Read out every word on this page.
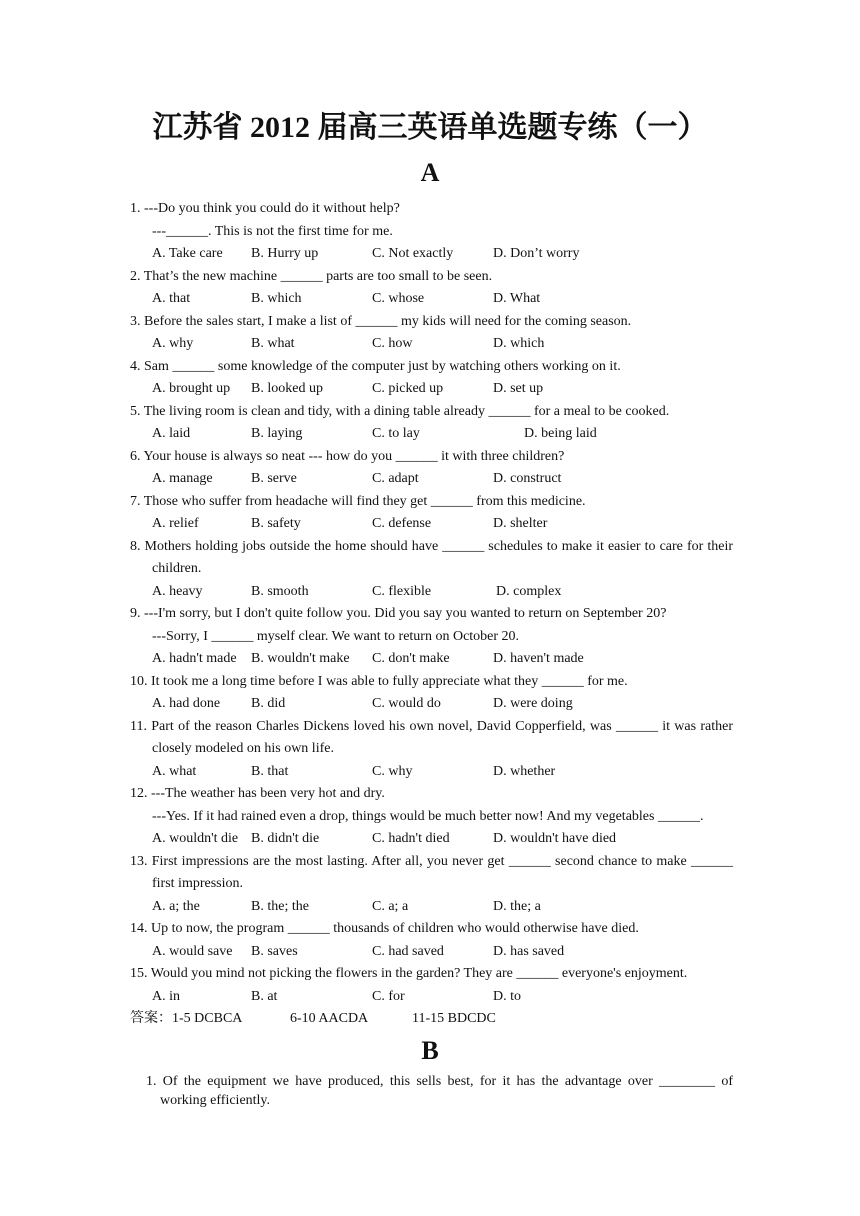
江苏省 2012 届高三英语单选题专练（一）
A
1. ---Do you think you could do it without help?
---______. This is not the first time for me.
A. Take care B. Hurry up	C. Not exactly	D. Don’t worry
2. That’s the new machine ______ parts are too small to be seen.
A. that	B. which	C. whose	D. What
3. Before the sales start, I make a list of ______ my kids will need for the coming season.
A. why	B. what	C. how	D. which
4. Sam ______ some knowledge of the computer just by watching others working on it.
A. brought up B. looked up	C. picked up	D. set up
5. The living room is clean and tidy, with a dining table already ______ for a meal to be cooked.
A. laid	B. laying	C. to lay	D. being laid
6. Your house is always so neat --- how do you ______ it with three children?
A. manage	B. serve	C. adapt	D. construct
7. Those who suffer from headache will find they get ______ from this medicine.
A. relief	B. safety	C. defense	D. shelter
8. Mothers holding jobs outside the home should have ______ schedules to make it easier to care for their children.
A. heavy	B. smooth	C. flexible	D. complex
9. ---I'm sorry, but I don't quite follow you. Did you say you wanted to return on September 20?
---Sorry, I ______ myself clear. We want to return on October 20.
A. hadn't made B. wouldn't make C. don't make	D. haven't made
10. It took me a long time before I was able to fully appreciate what they ______ for me.
A. had done B. did	C. would do	D. were doing
11. Part of the reason Charles Dickens loved his own novel, David Copperfield, was ______ it was rather closely modeled on his own life.
A. what	B. that	C. why	D. whether
12. ---The weather has been very hot and dry.
---Yes. If it had rained even a drop, things would be much better now! And my vegetables ______.
A. wouldn't die B. didn't die	C. hadn't died	D. wouldn't have died
13. First impressions are the most lasting. After all, you never get ______ second chance to make ______ first impression.
A. a; the	B. the; the	C. a; a	D. the; a
14. Up to now, the program ______ thousands of children who would otherwise have died.
A. would save B. saves	C. had saved	D. has saved
15. Would you mind not picking the flowers in the garden? They are ______ everyone's enjoyment.
A. in	B. at	C. for	D. to
答案：1-5 DCBCA	6-10 AACDA	11-15 BDCDC
B
1. Of the equipment we have produced, this sells best, for it has the advantage over ________ of working efficiently.
